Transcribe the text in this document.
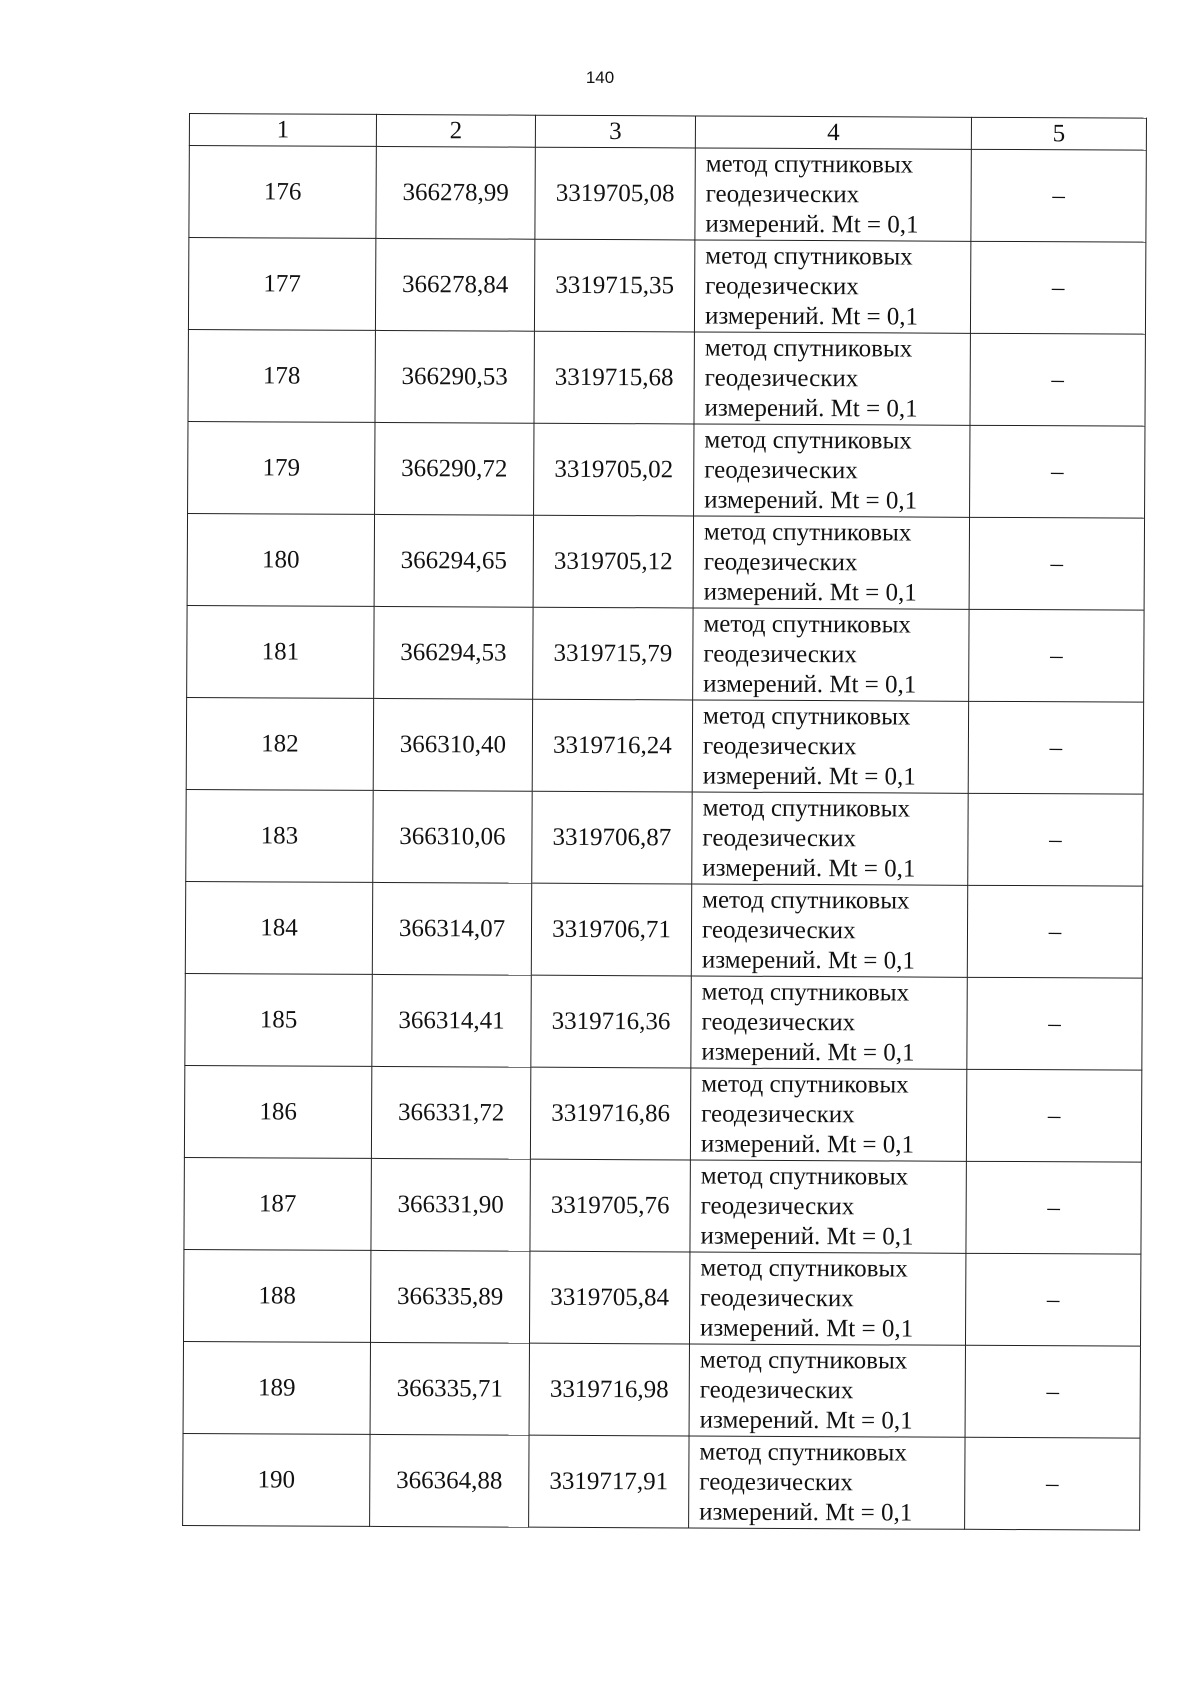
140
1	2	3	4	5
176	366278,99	3319705,08	метод спутниковых
геодезических
измерений. Mt = 0,1	–
177	366278,84	3319715,35	метод спутниковых
геодезических
измерений. Mt = 0,1	–
178	366290,53	3319715,68	метод спутниковых
геодезических
измерений. Mt = 0,1	–
179	366290,72	3319705,02	метод спутниковых
геодезических
измерений. Mt = 0,1	–
180	366294,65	3319705,12	метод спутниковых
геодезических
измерений. Mt = 0,1	–
181	366294,53	3319715,79	метод спутниковых
геодезических
измерений. Mt = 0,1	–
182	366310,40	3319716,24	метод спутниковых
геодезических
измерений. Mt = 0,1	–
183	366310,06	3319706,87	метод спутниковых
геодезических
измерений. Mt = 0,1	–
184	366314,07	3319706,71	метод спутниковых
геодезических
измерений. Mt = 0,1	–
185	366314,41	3319716,36	метод спутниковых
геодезических
измерений. Mt = 0,1	–
186	366331,72	3319716,86	метод спутниковых
геодезических
измерений. Mt = 0,1	–
187	366331,90	3319705,76	метод спутниковых
геодезических
измерений. Mt = 0,1	–
188	366335,89	3319705,84	метод спутниковых
геодезических
измерений. Mt = 0,1	–
189	366335,71	3319716,98	метод спутниковых
геодезических
измерений. Mt = 0,1	–
190	366364,88	3319717,91	метод спутниковых
геодезических
измерений. Mt = 0,1	–
